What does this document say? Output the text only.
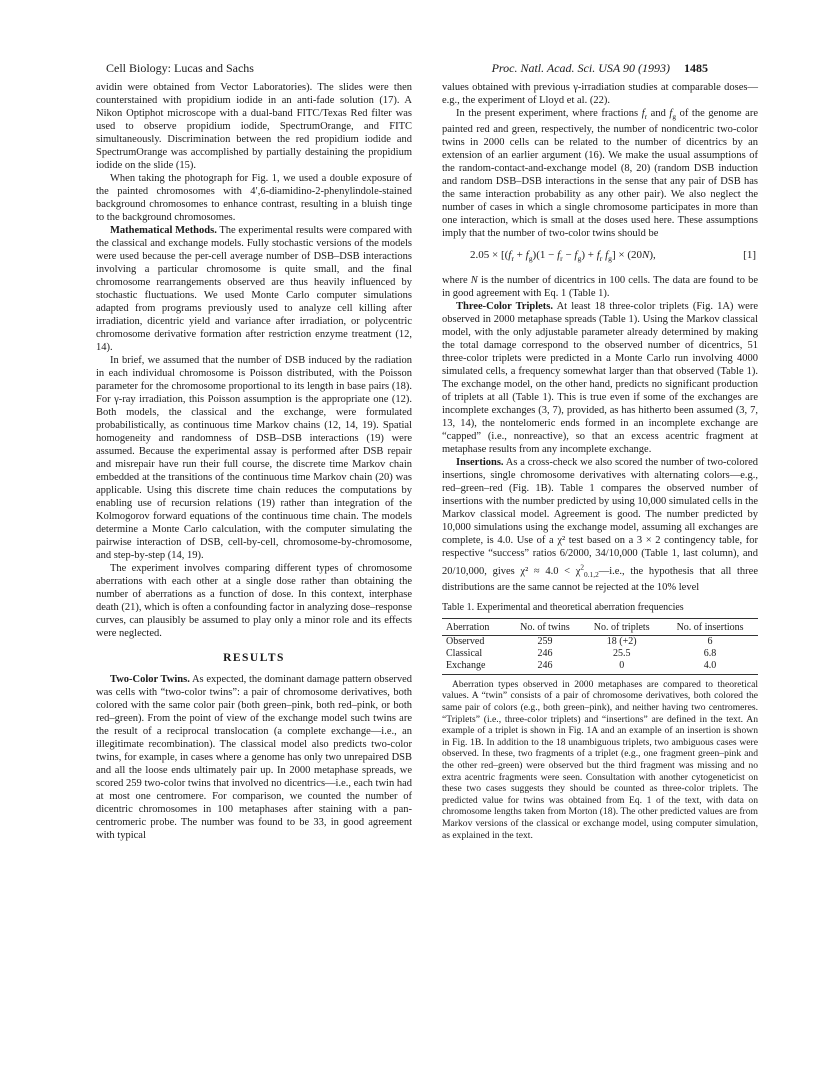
Cell Biology: Lucas and Sachs	Proc. Natl. Acad. Sci. USA 90 (1993) 1485

avidin were obtained from Vector Laboratories). The slides were then counterstained with propidium iodide in an anti-fade solution (17). A Nikon Optiphot microscope with a dual-band FITC/Texas Red filter was used to observe propidium iodide, SpectrumOrange, and FITC simultaneously. Discrimination between the red propidium iodide and SpectrumOrange was accomplished by partially destaining the propidium iodide on the slide (15).

When taking the photograph for Fig. 1, we used a double exposure of the painted chromosomes with 4′,6-diamidino-2-phenylindole-stained background chromosomes to enhance contrast, resulting in a bluish tinge to the background chromosomes.

Mathematical Methods. The experimental results were compared with the classical and exchange models. Fully stochastic versions of the models were used because the per-cell average number of DSB–DSB interactions involving a particular chromosome is quite small, and the final chromosome rearrangements observed are thus heavily influenced by stochastic fluctuations. We used Monte Carlo computer simulations adapted from programs previously used to analyze cell killing after irradiation, dicentric yield and variance after irradiation, or polycentric chromosome derivative formation after restriction enzyme treatment (12, 14).

In brief, we assumed that the number of DSB induced by the radiation in each individual chromosome is Poisson distributed, with the Poisson parameter for the chromosome proportional to its length in base pairs (18). For γ-ray irradiation, this Poisson assumption is the appropriate one (12). Both models, the classical and the exchange, were formulated probabilistically, as continuous time Markov chains (12, 14, 19). Spatial homogeneity and randomness of DSB–DSB interactions (19) were assumed. Because the experimental assay is performed after DSB repair and misrepair have run their full course, the discrete time Markov chain embedded at the transitions of the continuous time Markov chain (20) was applicable. Using this discrete time chain reduces the computations by enabling use of recursion relations (19) rather than integration of the Kolmogorov forward equations of the continuous time chain. The models determine a Monte Carlo calculation, with the computer simulating the pairwise interaction of DSB, cell-by-cell, chromosome-by-chromosome, and step-by-step (14, 19).

The experiment involves comparing different types of chromosome aberrations with each other at a single dose rather than obtaining the number of aberrations as a function of dose. In this context, interphase death (21), which is often a confounding factor in analyzing dose–response curves, can plausibly be assumed to play only a minor role and its effects were neglected.

RESULTS

Two-Color Twins. As expected, the dominant damage pattern observed was cells with “two-color twins”: a pair of chromosome derivatives, both colored with the same color pair (both green–pink, both red–pink, or both red–green). From the point of view of the exchange model such twins are the result of a reciprocal translocation (a complete exchange—i.e., an illegitimate recombination). The classical model also predicts two-color twins, for example, in cases where a genome has only two unrepaired DSB and all the loose ends ultimately pair up. In 2000 metaphase spreads, we scored 259 two-color twins that involved no dicentrics—i.e., each twin had at most one centromere. For comparison, we counted the number of dicentric chromosomes in 100 metaphases after staining with a pan-centromeric probe. The number was found to be 33, in good agreement with typical

values obtained with previous γ-irradiation studies at comparable doses—e.g., the experiment of Lloyd et al. (22).

In the present experiment, where fractions $f_r$ and $f_g$ of the genome are painted red and green, respectively, the number of nondicentric two-color twins in 2000 cells can be related to the number of dicentrics by an extension of an earlier argument (16). We make the usual assumptions of the random-contact-and-exchange model (8, 20) (random DSB induction and random DSB–DSB interactions in the sense that any pair of DSB has the same interaction probability as any other pair). We also neglect the number of cases in which a single chromosome participates in more than one interaction, which is small at the doses used here. These assumptions imply that the number of two-color twins should be

$2.05 \times [(f_r + f_g)(1 - f_r - f_g) + f_r$ $f_g] \times (20N)$,	[1]

where N is the number of dicentrics in 100 cells. The data are found to be in good agreement with Eq. 1 (Table 1).

Three-Color Triplets. At least 18 three-color triplets (Fig. 1A) were observed in 2000 metaphase spreads (Table 1). Using the Markov classical model, with the only adjustable parameter already determined by making the total damage correspond to the observed number of dicentrics, 51 three-color triplets were predicted in a Monte Carlo run involving 4000 simulated cells, a frequency somewhat larger than that observed (Table 1). The exchange model, on the other hand, predicts no significant production of triplets at all (Table 1). This is true even if some of the exchanges are incomplete exchanges (3, 7), provided, as has hitherto been assumed (3, 7, 13, 14), the nontelomeric ends formed in an incomplete exchange are “capped” (i.e., nonreactive), so that an excess acentric fragment at metaphase results from any incomplete exchange.

Insertions. As a cross-check we also scored the number of two-colored insertions, single chromosome derivatives with alternating colors—e.g., red–green–red (Fig. 1B). Table 1 compares the observed number of insertions with the number predicted by using 10,000 simulated cells in the Markov classical model. Agreement is good. The number predicted by 10,000 simulations using the exchange model, assuming all exchanges are complete, is 4.0. Use of a χ² test based on a 3 × 2 contingency table, for respective “success” ratios 6/2000, 34/10,000 (Table 1, last column), and 20/10,000, gives $\chi^2 \approx 4.0 < \chi^2_{0.1,2}—i.e$., the hypothesis that all three distributions are the same cannot be rejected at the 10% level

Table 1. Experimental and theoretical aberration frequencies

Aberration	No. of twins	No. of triplets	No. of insertions
Observed	259	18 (+2)	6
Classical	246	25.5	6.8
Exchange	246	0	4.0

Aberration types observed in 2000 metaphases are compared to theoretical values. A “twin” consists of a pair of chromosome derivatives, both colored the same pair of colors (e.g., both green–pink), and neither having two centromeres. “Triplets” (i.e., three-color triplets) and “insertions” are defined in the text. An example of a triplet is shown in Fig. 1A and an example of an insertion is shown in Fig. 1B. In addition to the 18 unambiguous triplets, two ambiguous cases were observed. In these, two fragments of a triplet (e.g., one fragment green–pink and the other red–green) were observed but the third fragment was missing and no extra acentric fragments were seen. Consultation with another cytogeneticist on these two cases suggests they should be counted as three-color triplets. The predicted value for twins was obtained from Eq. 1 of the text, with data on chromosome lengths taken from Morton (18). The other predicted values are from Markov versions of the classical or exchange model, using computer simulation, as explained in the text.
